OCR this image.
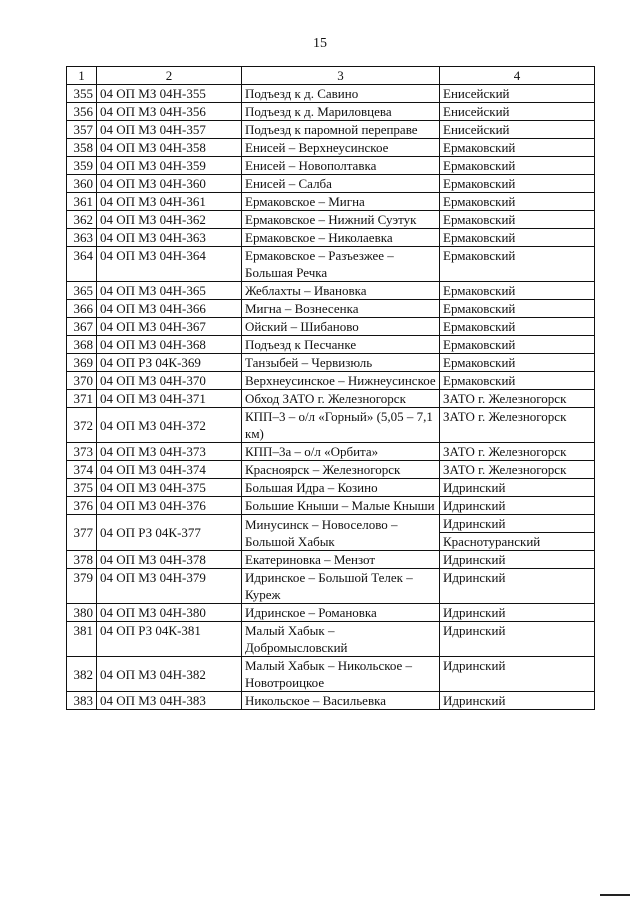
15
1	2	3	4
355	04 ОП МЗ 04Н-355	Подъезд к д. Савино	Енисейский

356	04 ОП МЗ 04Н-356	Подъезд к д. Мариловцева	Енисейский

357	04 ОП МЗ 04Н-357	Подъезд к паромной переправе	Енисейский

358	04 ОП МЗ 04Н-358	Енисей – Верхнеусинское	Ермаковский

359	04 ОП МЗ 04Н-359	Енисей – Новополтавка	Ермаковский

360	04 ОП МЗ 04Н-360	Енисей – Салба	Ермаковский

361	04 ОП МЗ 04Н-361	Ермаковское – Мигна	Ермаковский

362	04 ОП МЗ 04Н-362	Ермаковское – Нижний Суэтук	Ермаковский

363	04 ОП МЗ 04Н-363	Ермаковское – Николаевка	Ермаковский

364	04 ОП МЗ 04Н-364	Ермаковское – Разъезжее – Большая Речка	Ермаковский

365	04 ОП МЗ 04Н-365	Жеблахты – Ивановка	Ермаковский

366	04 ОП МЗ 04Н-366	Мигна – Вознесенка	Ермаковский

367	04 ОП МЗ 04Н-367	Ойский – Шибаново	Ермаковский

368	04 ОП МЗ 04Н-368	Подъезд к Песчанке	Ермаковский

369	04 ОП РЗ 04К-369	Танзыбей – Червизюль	Ермаковский

370	04 ОП МЗ 04Н-370	Верхнеусинское – Нижнеусинское	Ермаковский

371	04 ОП МЗ 04Н-371	Обход ЗАТО г. Железногорск	ЗАТО г. Железногорск

372	04 ОП МЗ 04Н-372	КПП–3 – о/л «Горный» (5,05 – 7,1 км)	ЗАТО г. Железногорск

373	04 ОП МЗ 04Н-373	КПП–3а – о/л «Орбита»	ЗАТО г. Железногорск

374	04 ОП МЗ 04Н-374	Красноярск – Железногорск	ЗАТО г. Железногорск

375	04 ОП МЗ 04Н-375	Большая Идра – Козино	Идринский

376	04 ОП МЗ 04Н-376	Большие Кныши – Малые Кныши	Идринский

377	04 ОП РЗ 04К-377	Минусинск – Новоселово – Большой Хабык	Идринский
Краснотуранский

378	04 ОП МЗ 04Н-378	Екатериновка – Мензот	Идринский

379	04 ОП МЗ 04Н-379	Идринское – Большой Телек – Куреж	Идринский

380	04 ОП МЗ 04Н-380	Идринское – Романовка	Идринский

381	04 ОП РЗ 04К-381	Малый Хабык – Добромысловский	Идринский

382	04 ОП МЗ 04Н-382	Малый Хабык – Никольское – Новотроицкое	Идринский

383	04 ОП МЗ 04Н-383	Никольское – Васильевка	Идринский
